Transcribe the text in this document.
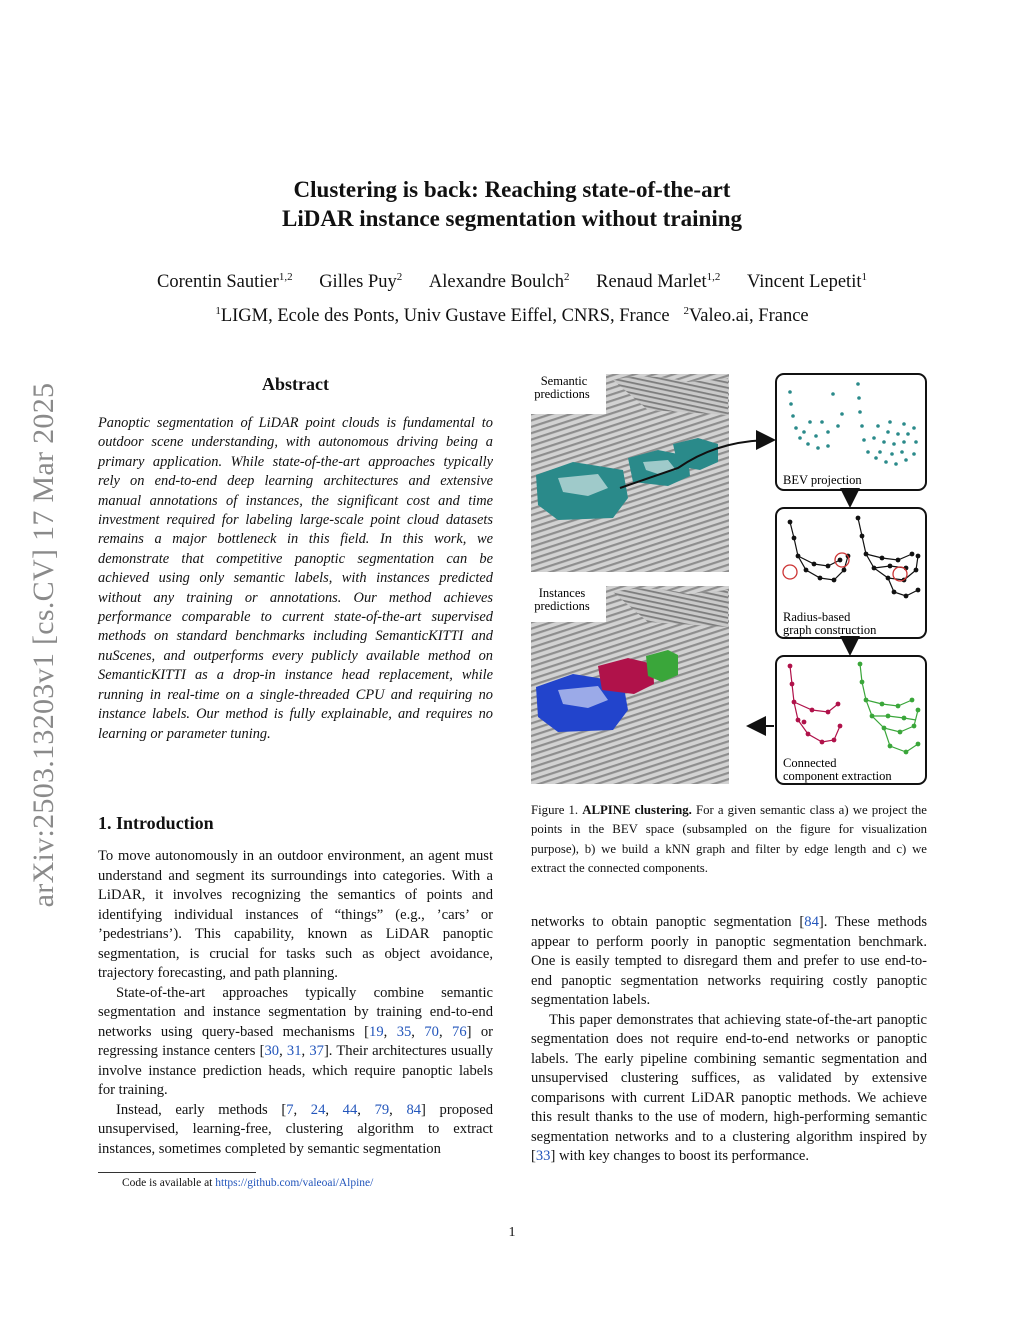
arXiv:2503.13203v1 [cs.CV] 17 Mar 2025
Clustering is back: Reaching state-of-the-art
LiDAR instance segmentation without training
Corentin Sautier$^{1,2}$ Gilles Puy$^2$ Alexandre Boulch$^2$ Renaud Marlet$^{1,2}$ Vincent Lepetit$^1$
$^1$LIGM, Ecole des Ponts, Univ Gustave Eiffel, CNRS, France $^2$Valeo.ai, France
Abstract
Panoptic segmentation of LiDAR point clouds is fundamental to outdoor scene understanding, with autonomous driving being a primary application. While state-of-the-art approaches typically rely on end-to-end deep learning architectures and extensive manual annotations of instances, the significant cost and time investment required for labeling large-scale point cloud datasets remains a major bottleneck in this field. In this work, we demonstrate that competitive panoptic segmentation can be achieved using only semantic labels, with instances predicted without any training or annotations. Our method achieves performance comparable to current state-of-the-art supervised methods on standard benchmarks including SemanticKITTI and nuScenes, and outperforms every publicly available method on SemanticKITTI as a drop-in instance head replacement, while running in real-time on a single-threaded CPU and requiring no instance labels. Our method is fully explainable, and requires no learning or parameter tuning.
1. Introduction

To move autonomously in an outdoor environment, an agent must understand and segment its surroundings into categories. With a LiDAR, it involves recognizing the semantics of points and identifying individual instances of “things” (e.g., ’cars’ or ’pedestrians’). This capability, known as LiDAR panoptic segmentation, is crucial for tasks such as object avoidance, trajectory forecasting, and path planning.

State-of-the-art approaches typically combine semantic segmentation and instance segmentation by training end-to-end networks using query-based mechanisms [19, 35, 70, 76] or regressing instance centers [30, 31, 37]. Their architectures usually involve instance prediction heads, which require panoptic labels for training.

Instead, early methods [7, 24, 44, 79, 84] proposed unsupervised, learning-free, clustering algorithm to extract instances, sometimes completed by semantic segmentation

Code is available at https://github.com/valeoai/Alpine/
Semantic
predictions
Instances
predictions
BEV projection
Radius-based
graph construction
Connected
component extraction
Figure 1. ALPINE clustering. For a given semantic class a) we project the points in the BEV space (subsampled on the figure for visualization purpose), b) we build a kNN graph and filter by edge length and c) we extract the connected components.

networks to obtain panoptic segmentation [84]. These methods appear to perform poorly in panoptic segmentation benchmark. One is easily tempted to disregard them and prefer to use end-to-end panoptic segmentation networks requiring costly panoptic segmentation labels.

This paper demonstrates that achieving state-of-the-art panoptic segmentation does not require end-to-end networks or panoptic labels. The early pipeline combining semantic segmentation and unsupervised clustering suffices, as validated by extensive comparisons with current LiDAR panoptic methods. We achieve this result thanks to the use of modern, high-performing semantic segmentation networks and to a clustering algorithm inspired by [33] with key changes to boost its performance.

1
